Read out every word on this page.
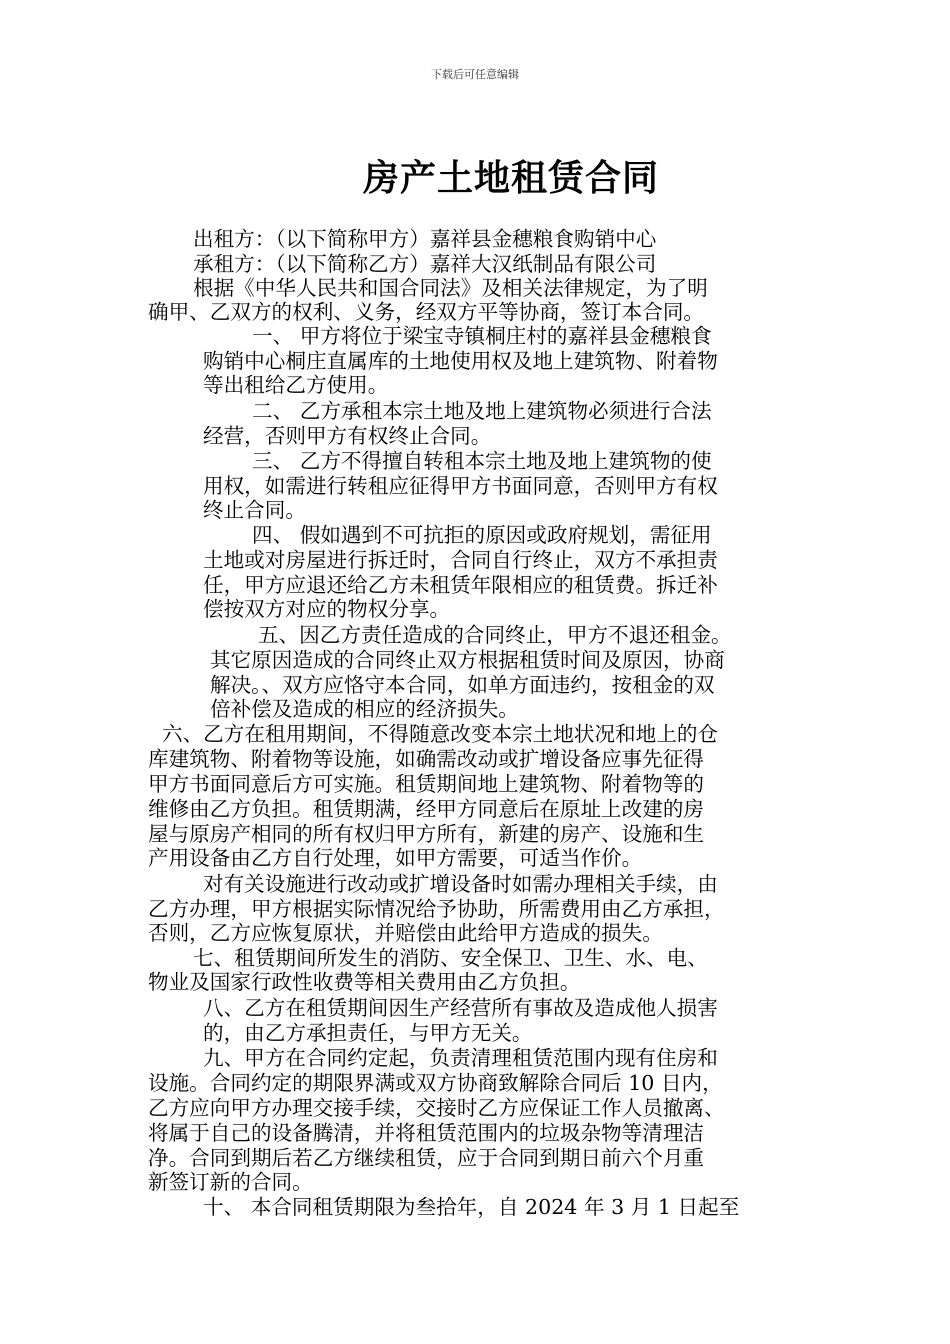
下载后可任意编辑
房产土地租赁合同
出租方：（以下简称甲方）嘉祥县金穗粮食购销中心
承租方：（以下简称乙方）嘉祥大汉纸制品有限公司
根据《中华人民共和国合同法》及相关法律规定，为了明
确甲、乙双方的权利、义务，经双方平等协商，签订本合同。
一、 甲方将位于梁宝寺镇桐庄村的嘉祥县金穗粮食
购销中心桐庄直属库的土地使用权及地上建筑物、附着物
等出租给乙方使用。
二、 乙方承租本宗土地及地上建筑物必须进行合法
经营，否则甲方有权终止合同。
三、 乙方不得擅自转租本宗土地及地上建筑物的使
用权，如需进行转租应征得甲方书面同意，否则甲方有权
终止合同。
四、 假如遇到不可抗拒的原因或政府规划，需征用
土地或对房屋进行拆迁时，合同自行终止，双方不承担责
任，甲方应退还给乙方未租赁年限相应的租赁费。拆迁补
偿按双方对应的物权分享。
五、因乙方责任造成的合同终止，甲方不退还租金。
其它原因造成的合同终止双方根据租赁时间及原因，协商
解决。、双方应恪守本合同，如单方面违约，按租金的双
倍补偿及造成的相应的经济损失。
六、乙方在租用期间，不得随意改变本宗土地状况和地上的仓
库建筑物、附着物等设施，如确需改动或扩增设备应事先征得
甲方书面同意后方可实施。租赁期间地上建筑物、附着物等的
维修由乙方负担。租赁期满，经甲方同意后在原址上改建的房
屋与原房产相同的所有权归甲方所有，新建的房产、设施和生
产用设备由乙方自行处理，如甲方需要，可适当作价。
对有关设施进行改动或扩增设备时如需办理相关手续，由
乙方办理，甲方根据实际情况给予协助，所需费用由乙方承担，
否则，乙方应恢复原状，并赔偿由此给甲方造成的损失。
七、租赁期间所发生的消防、安全保卫、卫生、水、电、
物业及国家行政性收费等相关费用由乙方负担。
八、乙方在租赁期间因生产经营所有事故及造成他人损害
的，由乙方承担责任，与甲方无关。
九、甲方在合同约定起，负责清理租赁范围内现有住房和
设施。合同约定的期限界满或双方协商致解除合同后 10 日内，
乙方应向甲方办理交接手续，交接时乙方应保证工作人员撤离、
将属于自己的设备腾清，并将租赁范围内的垃圾杂物等清理洁
净。合同到期后若乙方继续租赁，应于合同到期日前六个月重
新签订新的合同。
十、 本合同租赁期限为叁拾年，自 2024 年 3 月 1 日起至
